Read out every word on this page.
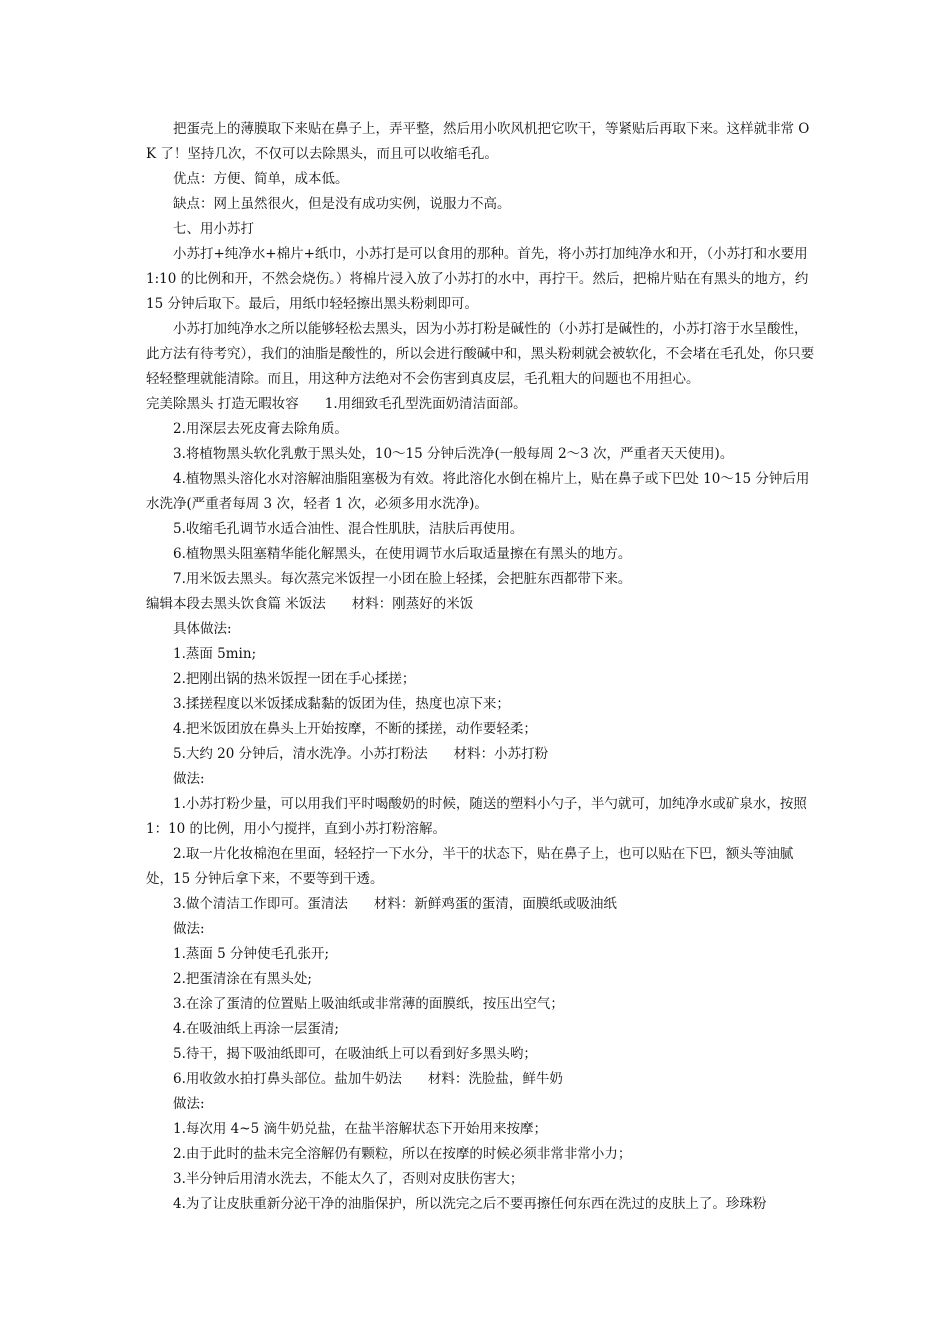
把蛋壳上的薄膜取下来贴在鼻子上，弄平整，然后用小吹风机把它吹干，等紧贴后再取下来。这样就非常 OK 了！坚持几次，不仅可以去除黑头，而且可以收缩毛孔。

优点：方便、简单，成本低。

缺点：网上虽然很火，但是没有成功实例，说服力不高。

七、用小苏打

小苏打+纯净水+棉片+纸巾，小苏打是可以食用的那种。首先，将小苏打加纯净水和开，（小苏打和水要用 1:10 的比例和开，不然会烧伤。）将棉片浸入放了小苏打的水中，再拧干。然后，把棉片贴在有黑头的地方，约 15 分钟后取下。最后，用纸巾轻轻擦出黑头粉刺即可。

小苏打加纯净水之所以能够轻松去黑头，因为小苏打粉是碱性的（小苏打是碱性的，小苏打溶于水呈酸性，此方法有待考究），我们的油脂是酸性的，所以会进行酸碱中和，黑头粉刺就会被软化，不会堵在毛孔处，你只要轻轻整理就能清除。而且，用这种方法绝对不会伤害到真皮层，毛孔粗大的问题也不用担心。

完美除黑头 打造无暇妆容 1.用细致毛孔型洗面奶清洁面部。

2.用深层去死皮膏去除角质。

3.将植物黑头软化乳敷于黑头处，10～15 分钟后洗净(一般每周 2～3 次，严重者天天使用)。

4.植物黑头溶化水对溶解油脂阻塞极为有效。将此溶化水倒在棉片上，贴在鼻子或下巴处 10～15 分钟后用水洗净(严重者每周 3 次，轻者 1 次，必须多用水洗净)。

5.收缩毛孔调节水适合油性、混合性肌肤，洁肤后再使用。

6.植物黑头阻塞精华能化解黑头，在使用调节水后取适量擦在有黑头的地方。

7.用米饭去黑头。每次蒸完米饭捏一小团在脸上轻揉，会把脏东西都带下来。

编辑本段去黑头饮食篇 米饭法 材料：刚蒸好的米饭

具体做法:

1.蒸面 5min;

2.把刚出锅的热米饭捏一团在手心揉搓；

3.揉搓程度以米饭揉成黏黏的饭团为佳，热度也凉下来；

4.把米饭团放在鼻头上开始按摩，不断的揉搓，动作要轻柔；

5.大约 20 分钟后，清水洗净。小苏打粉法 材料：小苏打粉

做法:

1.小苏打粉少量，可以用我们平时喝酸奶的时候，随送的塑料小勺子，半勺就可，加纯净水或矿泉水，按照 1：10 的比例，用小勺搅拌，直到小苏打粉溶解。

2.取一片化妆棉泡在里面，轻轻拧一下水分，半干的状态下，贴在鼻子上，也可以贴在下巴，额头等油腻处，15 分钟后拿下来，不要等到干透。

3.做个清洁工作即可。蛋清法 材料：新鲜鸡蛋的蛋清，面膜纸或吸油纸

做法:

1.蒸面 5 分钟使毛孔张开;

2.把蛋清涂在有黑头处;

3.在涂了蛋清的位置贴上吸油纸或非常薄的面膜纸，按压出空气；

4.在吸油纸上再涂一层蛋清;

5.待干，揭下吸油纸即可，在吸油纸上可以看到好多黑头哟；

6.用收敛水拍打鼻头部位。盐加牛奶法 材料：洗脸盐，鲜牛奶

做法:

1.每次用 4~5 滴牛奶兑盐，在盐半溶解状态下开始用来按摩；

2.由于此时的盐未完全溶解仍有颗粒，所以在按摩的时候必须非常非常小力；

3.半分钟后用清水洗去，不能太久了，否则对皮肤伤害大；

4.为了让皮肤重新分泌干净的油脂保护，所以洗完之后不要再擦任何东西在洗过的皮肤上了。珍珠粉
